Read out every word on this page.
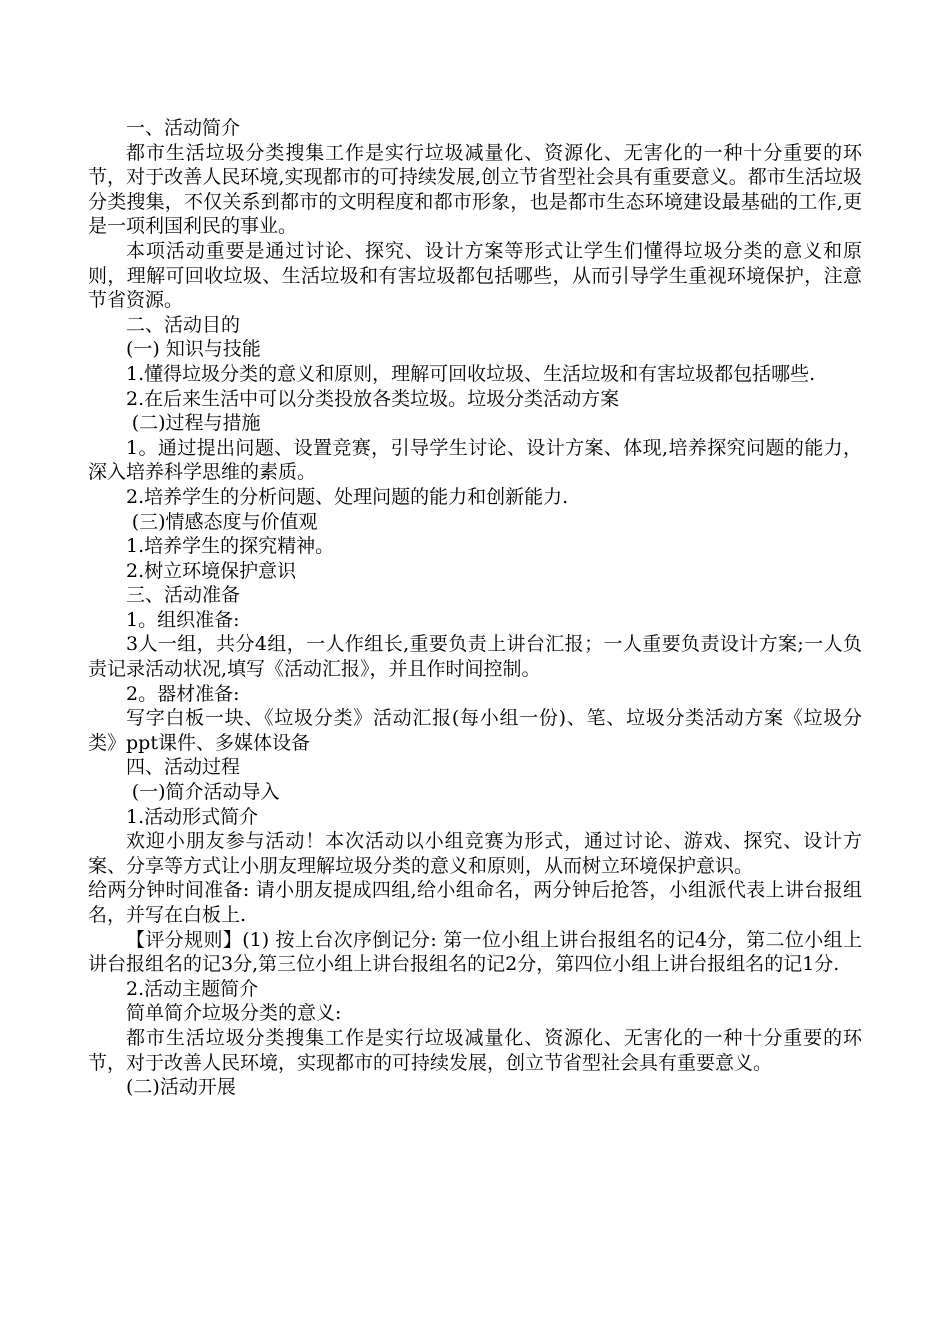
一、活动简介

都市生活垃圾分类搜集工作是实行垃圾减量化、资源化、无害化的一种十分重要的环节，对于改善人民环境,实现都市的可持续发展,创立节省型社会具有重要意义。都市生活垃圾分类搜集，不仅关系到都市的文明程度和都市形象，也是都市生态环境建设最基础的工作,更是一项利国利民的事业。

本项活动重要是通过讨论、探究、设计方案等形式让学生们懂得垃圾分类的意义和原则，理解可回收垃圾、生活垃圾和有害垃圾都包括哪些，从而引导学生重视环境保护，注意节省资源。

二、活动目的

(一) 知识与技能

1.懂得垃圾分类的意义和原则，理解可回收垃圾、生活垃圾和有害垃圾都包括哪些.

2.在后来生活中可以分类投放各类垃圾。垃圾分类活动方案

(二)过程与措施

1。通过提出问题、设置竞赛，引导学生讨论、设计方案、体现,培养探究问题的能力，深入培养科学思维的素质。

2.培养学生的分析问题、处理问题的能力和创新能力.

(三)情感态度与价值观

1.培养学生的探究精神。

2.树立环境保护意识

三、活动准备

1。组织准备:

3人一组，共分4组，一人作组长,重要负责上讲台汇报；一人重要负责设计方案;一人负责记录活动状况,填写《活动汇报》，并且作时间控制。

2。器材准备:

写字白板一块、《垃圾分类》活动汇报(每小组一份)、笔、垃圾分类活动方案《垃圾分类》ppt课件、多媒体设备

四、活动过程

(一)简介活动导入

1.活动形式简介

欢迎小朋友参与活动！本次活动以小组竞赛为形式，通过讨论、游戏、探究、设计方案、分享等方式让小朋友理解垃圾分类的意义和原则，从而树立环境保护意识。

给两分钟时间准备: 请小朋友提成四组,给小组命名，两分钟后抢答，小组派代表上讲台报组名，并写在白板上.

【评分规则】(1) 按上台次序倒记分: 第一位小组上讲台报组名的记4分，第二位小组上讲台报组名的记3分,第三位小组上讲台报组名的记2分，第四位小组上讲台报组名的记1分.

2.活动主题简介

简单简介垃圾分类的意义:

都市生活垃圾分类搜集工作是实行垃圾减量化、资源化、无害化的一种十分重要的环节，对于改善人民环境，实现都市的可持续发展，创立节省型社会具有重要意义。

(二)活动开展
